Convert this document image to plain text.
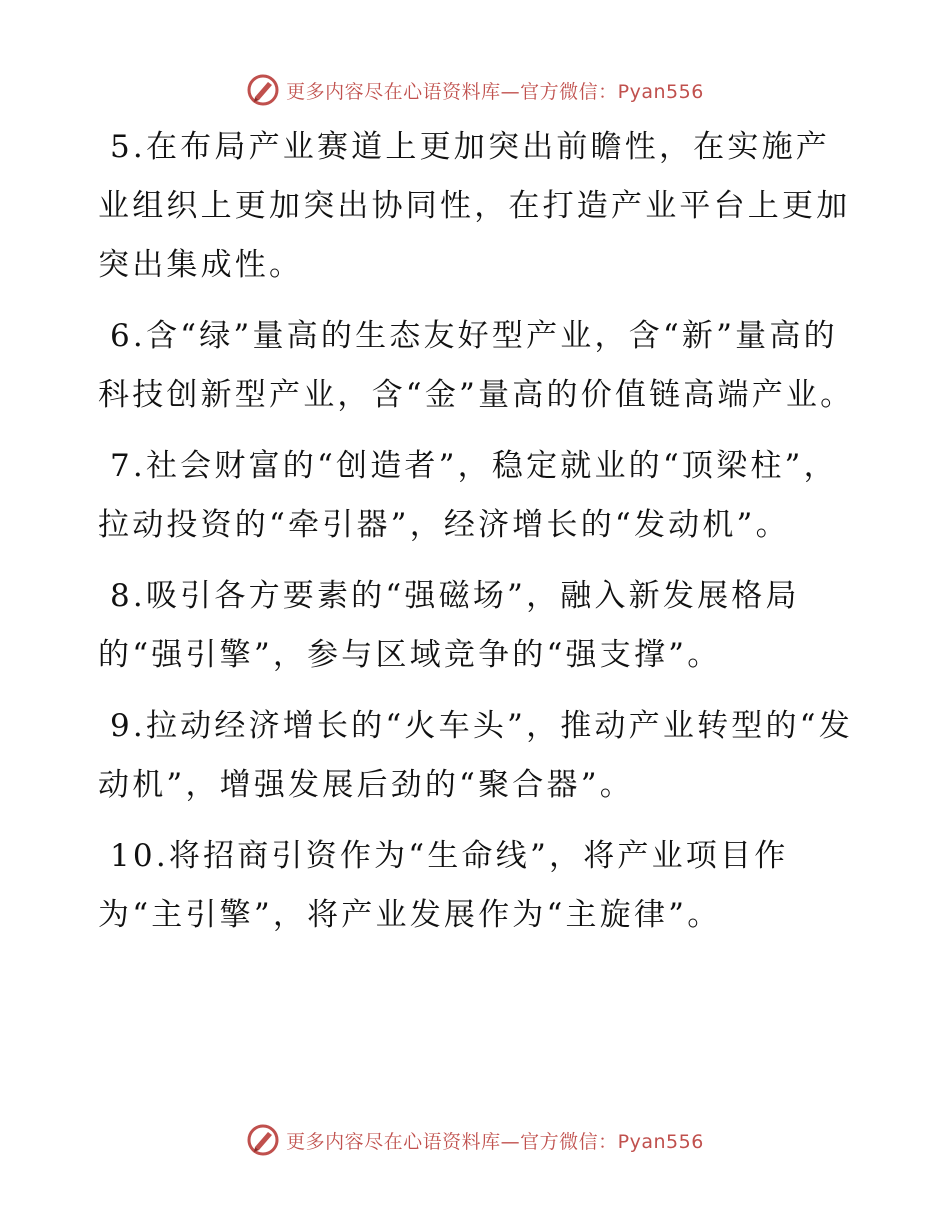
更多内容尽在心语资料库—官方微信：Pyan556

5.在布局产业赛道上更加突出前瞻性，在实施产业组织上更加突出协同性，在打造产业平台上更加突出集成性。

6.含“绿”量高的生态友好型产业，含“新”量高的科技创新型产业，含“金”量高的价值链高端产业。

7.社会财富的“创造者”，稳定就业的“顶梁柱”，拉动投资的“牵引器”，经济增长的“发动机”。

8.吸引各方要素的“强磁场”，融入新发展格局的“强引擎”，参与区域竞争的“强支撑”。

9.拉动经济增长的“火车头”，推动产业转型的“发动机”，增强发展后劲的“聚合器”。

10.将招商引资作为“生命线”，将产业项目作为“主引擎”，将产业发展作为“主旋律”。

更多内容尽在心语资料库—官方微信：Pyan556
